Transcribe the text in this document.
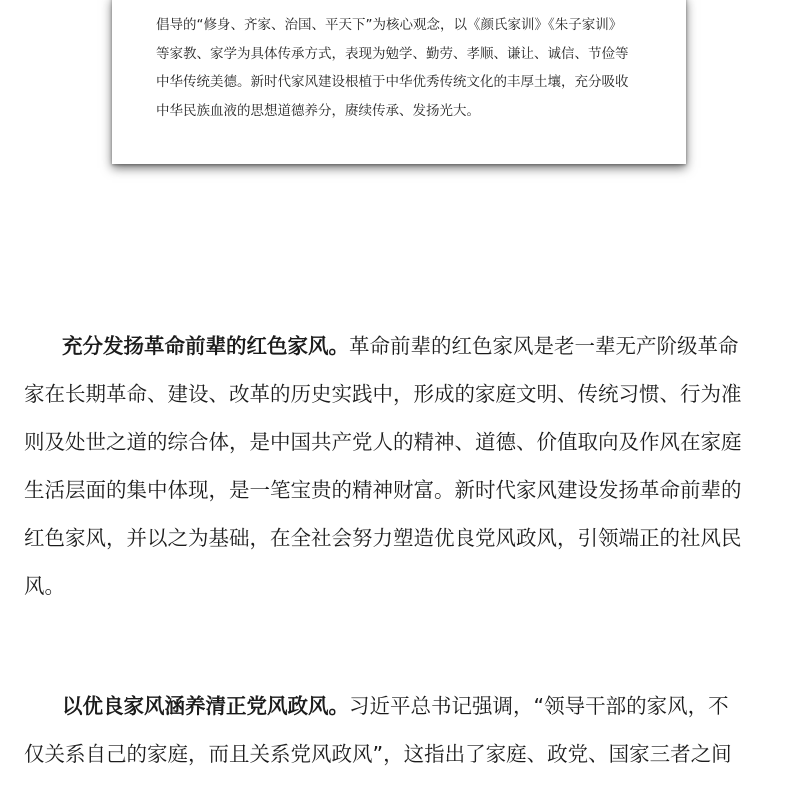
倡导的“修身、齐家、治国、平天下”为核心观念，以《颜氏家训》《朱子家训》
等家教、家学为具体传承方式，表现为勉学、勤劳、孝顺、谦让、诚信、节俭等
中华传统美德。新时代家风建设根植于中华优秀传统文化的丰厚土壤，充分吸收
中华民族血液的思想道德养分，赓续传承、发扬光大。
充分发扬革命前辈的红色家风。革命前辈的红色家风是老一辈无产阶级革命
家在长期革命、建设、改革的历史实践中，形成的家庭文明、传统习惯、行为准
则及处世之道的综合体，是中国共产党人的精神、道德、价值取向及作风在家庭
生活层面的集中体现，是一笔宝贵的精神财富。新时代家风建设发扬革命前辈的
红色家风，并以之为基础，在全社会努力塑造优良党风政风，引领端正的社风民
风。
以优良家风涵养清正党风政风。习近平总书记强调，“领导干部的家风，不
仅关系自己的家庭，而且关系党风政风”，这指出了家庭、政党、国家三者之间
